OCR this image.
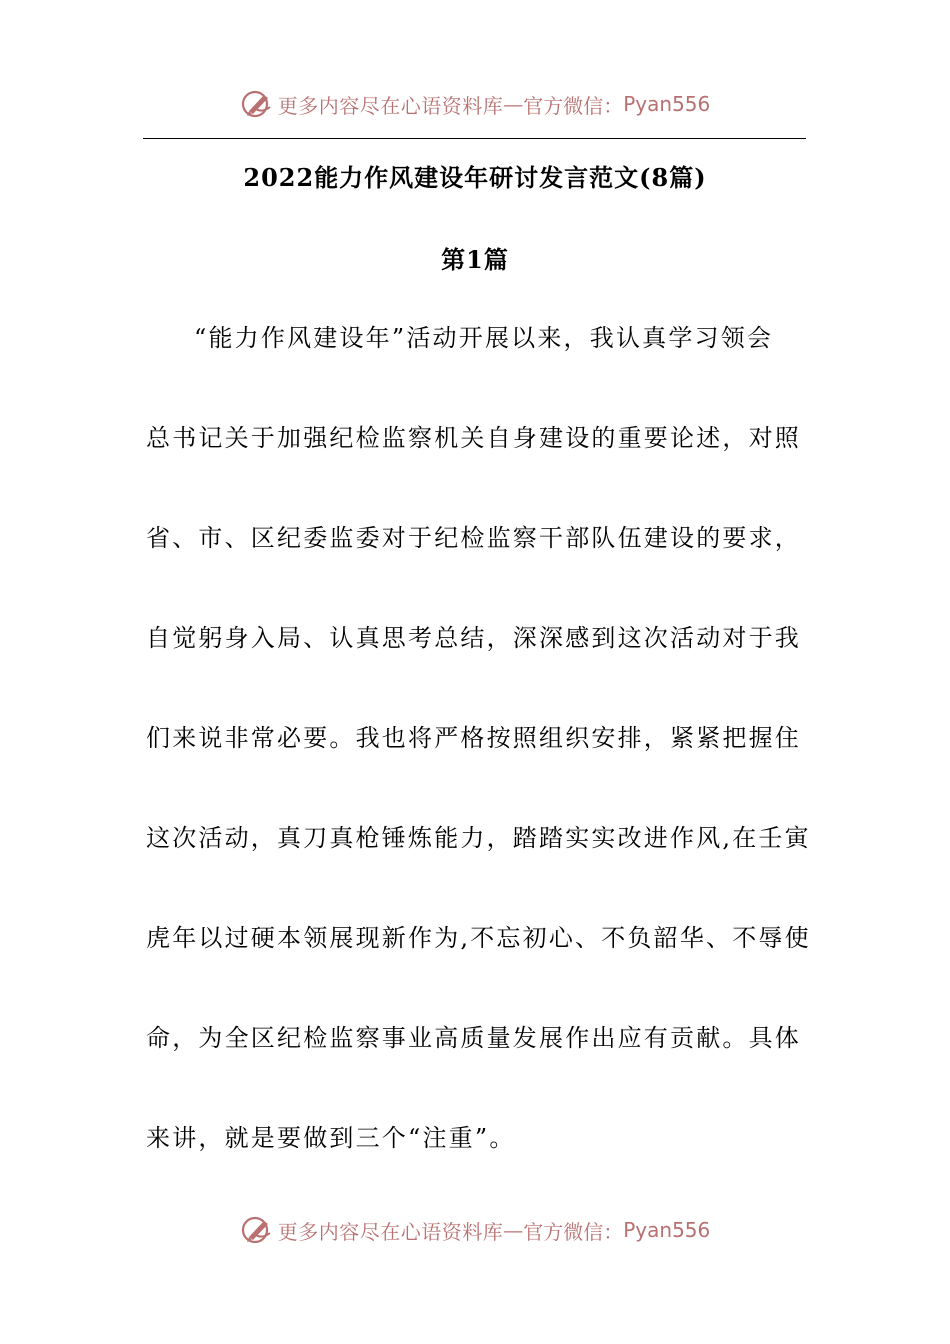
更多内容尽在心语资料库 — 官方微信： Pyan556
2022能力作风建设年研讨发言范文(8篇)
第1篇
“能力作风建设年”活动开展以来，我认真学习领会
总书记关于加强纪检监察机关自身建设的重要论述，对照
省、市、区纪委监委对于纪检监察干部队伍建设的要求，
自觉躬身入局、认真思考总结，深深感到这次活动对于我
们来说非常必要。我也将严格按照组织安排，紧紧把握住
这次活动，真刀真枪锤炼能力，踏踏实实改进作风,在壬寅
虎年以过硬本领展现新作为,不忘初心、不负韶华、不辱使
命，为全区纪检监察事业高质量发展作出应有贡献。具体
来讲，就是要做到三个“注重”。
更多内容尽在心语资料库 — 官方微信： Pyan556
